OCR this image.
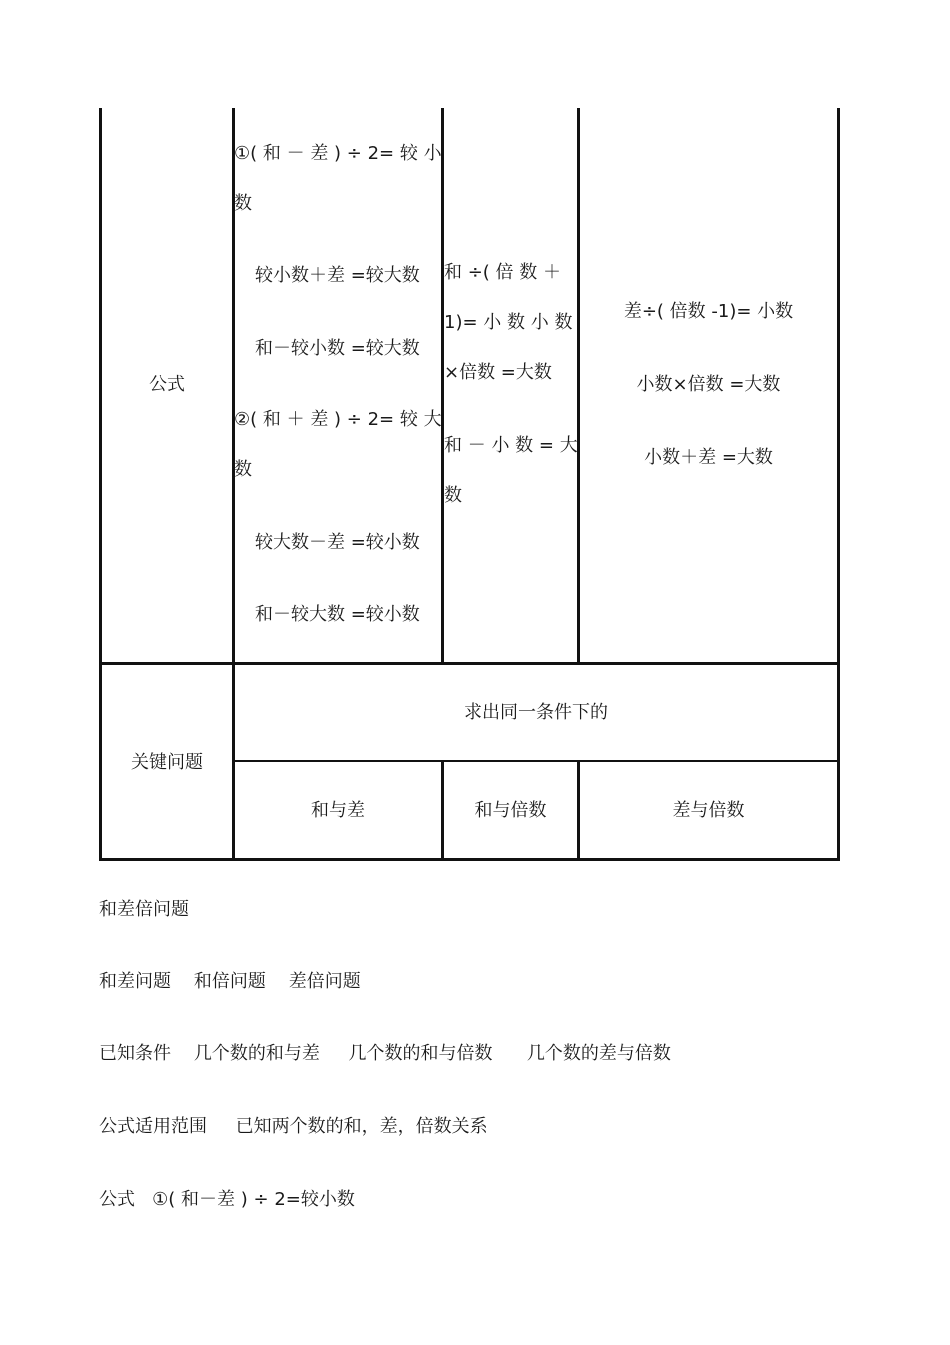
公式
①( 和 － 差 ) ÷ 2= 较 小
数
较小数＋差 =较大数
和－较小数 =较大数
②( 和 ＋ 差 ) ÷ 2= 较 大
数
较大数－差 =较小数
和－较大数 =较小数
和 ÷( 倍 数 ＋
1)= 小 数 小 数
×倍数 =大数
和 － 小 数 = 大
数
差÷( 倍数 -1)= 小数
小数×倍数 =大数
小数＋差 =大数
关键问题
求出同一条件下的
和与差	和与倍数	差与倍数
和差倍问题
和差问题    和倍问题    差倍问题
已知条件    几个数的和与差     几个数的和与倍数      几个数的差与倍数
公式适用范围     已知两个数的和，差，倍数关系
公式   ①( 和－差 ) ÷ 2=较小数
